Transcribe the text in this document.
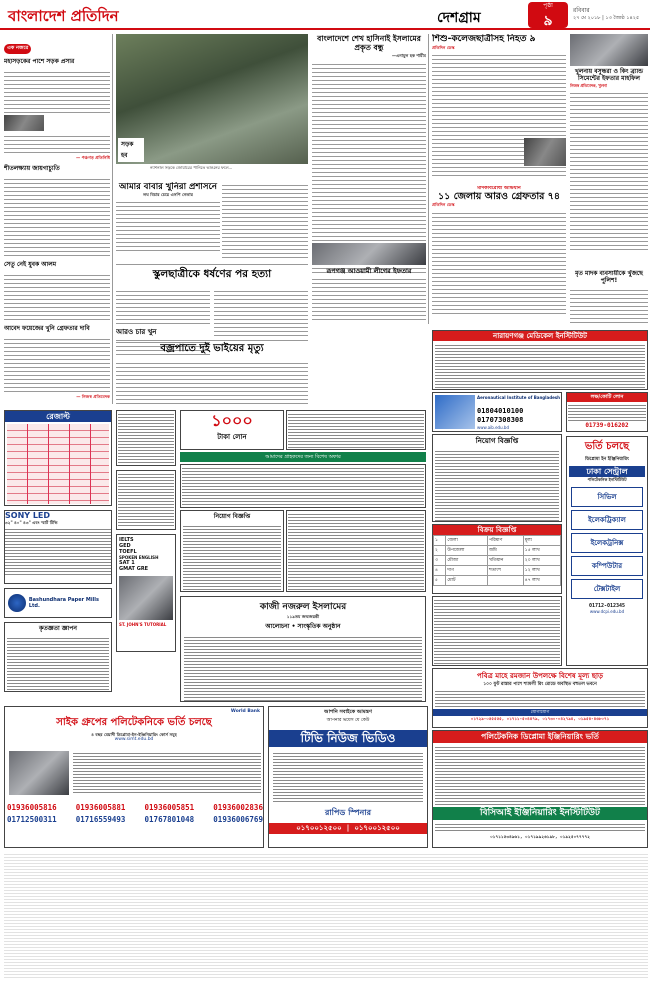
বাংলাদেশ প্রতিদিন	দেশগ্রাম
পৃষ্ঠা
৯
রবিবার
২৭ মে ২০১৮ | ১৩ জ্যৈষ্ঠ ১৪২৫
এক নজরে
মহাসড়কের পাশে সড়ক প্রসার
— পঞ্চগড় প্রতিনিধি
শীতলক্ষ্যায় জায়গাচ্যুতি
সেতু নেই যুবক আলম
আবেদ ফয়েজের খুনি গ্রেফতার দাবি
— নিজস্ব প্রতিবেদক
সড়ক হব
ন্যাশনাল সড়কে জোয়ারের পানিতে ভাঙনের ফলে...
বাংলাদেশে শেখ হাসিনাই ইসলামের প্রকৃত বন্ধু
—এনামুল হক শামীম
আমার বাবার খুনিরা প্রশাসনে
লঘ বিচার চেয়ে এসপি নেতার
স্কুলছাত্রীকে ধর্ষণের পর হত্যা
আরও চার খুন
বজ্রপাতে দুই ভাইয়ের মৃত্যু
রূপগঞ্জ আওয়ামী লীগের ইফতার
শিশু-কলেজছাত্রীসহ নিহত ৯
প্রতিদিন ডেস্ক
খুলনায় বসুন্ধরা ও কিং ব্র্যান্ড সিমেন্টের ইফতার মাহফিল
নিজস্ব প্রতিবেদক, খুলনা
মৃত মাদক ব্যবসায়ীকে খুঁজছে পুলিশ!
মাদকবিরোধী অভিযান
১১ জেলায় আরও গ্রেফতার ৭৪
প্রতিদিন ডেস্ক
রেজাল্ট
SONY LED
৩২" ৪০" ৪৩" এবং স্মার্ট টিভি
Bashundhara Paper Mills Ltd.
কৃতজ্ঞতা জ্ঞাপন
১০০০
টাকা লোন
আমাদের গ্রাহকদের জন্য বিশেষ অফার
নিয়োগ বিজ্ঞপ্তি
IELTS
GED
TOEFL
SPOKEN ENGLISH
SAT 1
GMAT GRE
ST. JOHN'S TUTORIAL
কাজী নজরুল ইসলামের
১১৯তম জন্মজয়ন্তী
আলোচনা • সাংস্কৃতিক অনুষ্ঠান
নারায়ণগঞ্জ মেডিকেল ইনস্টিটিউট
Aeronautical Institute of Bangladesh
01804010100
01707308308
www.aib.edu.bd
লক্ষ/কোটি লোন
01739-016202
নিয়োগ বিজ্ঞপ্তি
বিক্রয় বিজ্ঞপ্তি
১	জেলা	পরিমাণ	মূল্য
২	উপজেলা	জমি	১৫ লাখ
৩	মৌজা	খতিয়ান	২০ লাখ
৪	দাগ	শতাংশ	১২ লাখ
৫	মোট		৪৭ লাখ
ভর্তি চলছে
ডিপ্লোমা ইন ইঞ্জিনিয়ারিং
ঢাকা সেন্ট্রাল
পলিটেকনিক ইনস্টিটিউট
সিভিল
ইলেকট্রিক্যাল
ইলেকট্রনিক্স
কম্পিউটার
টেক্সটাইল
01712-012345
www.dcpi.edu.bd
পবিত্র মাহে রমজান উপলক্ষে বিশেষ মূল্য ছাড়
১০০ ফুট রাস্তার পাশে শ্যামলী রিং রোডে অবস্থিত বহুতল ভবনে
যোগাযোগ
০১৭২৯-০৫৫৫৫৫, ০১৭১১-৫০৪৪৭৯, ০১৭৩০-০৪২৭৯৪, ০১৯৫৪-৪৬৮০৭১
World Bank
সাইক গ্রুপের পলিটেকনিকে ভর্তি চলছে
৪ বছর মেয়াদী ডিপ্লোমা-ইন-ইঞ্জিনিয়ারিং কোর্স সমূহ
www.simt.edu.bd
01936005816	01936005881	01936005851	01936002836
01712500311	01716559493	01767801048	01936006769
আপনি সবাইকে আমন্ত্রণ
আপনার ভয়েস যে কেউ
টিভি নিউজ ভিডিও
রাপিড স্পিনার
০১৭০০১২৫০০ | ০১৭০০১২৫০০
পলিটেকনিক ডিপ্লোমা ইঞ্জিনিয়ারিং ভর্তি
বিসিআই ইঞ্জিনিয়ারিং ইনস্টিটিউট
০১৭১১৫৩৪৯৬১, ০১৭১৯৯২৬১৯৮, ০১৯২৫০৭৭৭৭২
